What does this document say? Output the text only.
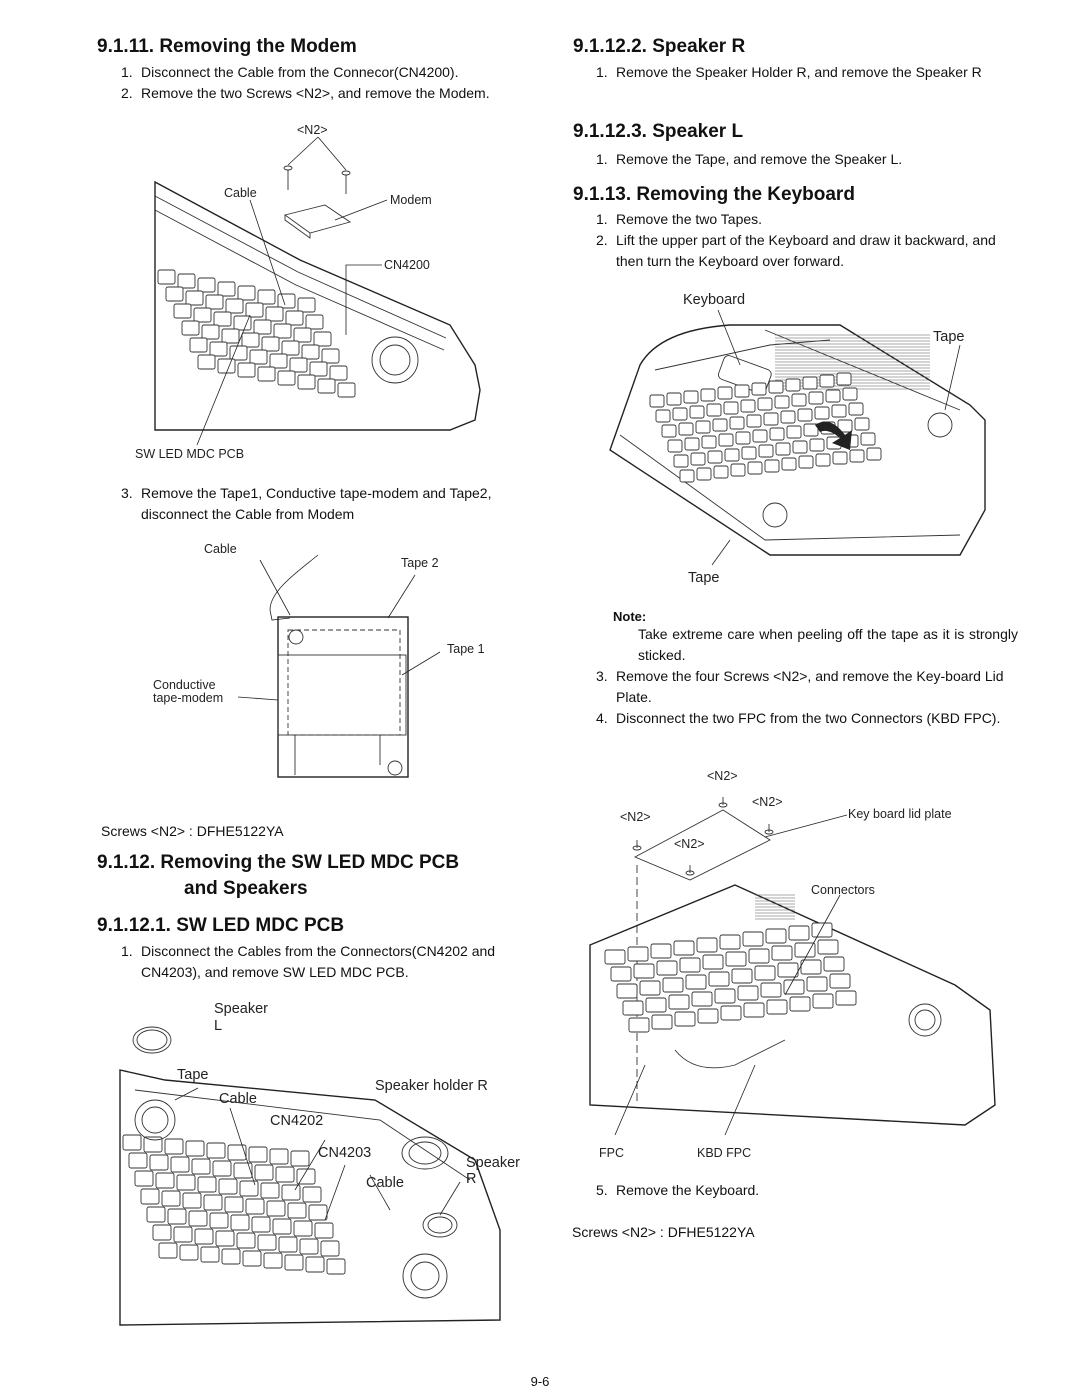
9.1.11. Removing the Modem
1. Disconnect the Cable from the Connecor(CN4200).
2. Remove the two Screws <N2>, and remove the Modem.
<N2>
Cable	Modem
CN4200
SW LED MDC PCB
3. Remove the Tape1, Conductive tape-modem and Tape2, disconnect the Cable from Modem
Cable
Tape 2
Tape 1
Conductive
tape-modem
Screws <N2> : DFHE5122YA
9.1.12. Removing the SW LED MDC PCB
and Speakers
9.1.12.1. SW LED MDC PCB
1. Disconnect the Cables from the Connectors(CN4202 and CN4203), and remove SW LED MDC PCB.
Speaker
L
Tape
Cable
Speaker holder R
CN4202
CN4203
Cable
Speaker
R
9.1.12.2. Speaker R
1. Remove the Speaker Holder R, and remove the Speaker R
9.1.12.3. Speaker L
1. Remove the Tape, and remove the Speaker L.
9.1.13. Removing the Keyboard
1. Remove the two Tapes.
2. Lift the upper part of the Keyboard and draw it backward, and then turn the Keyboard over forward.
Keyboard
Tape
Tape
Note:
Take extreme care when peeling off the tape as it is strongly sticked.
3. Remove the four Screws <N2>, and remove the Key-board Lid Plate.
4. Disconnect the two FPC from the two Connectors (KBD FPC).
<N2>
<N2>
<N2>
<N2>
Key board lid plate
Connectors
FPC	KBD FPC
5. Remove the Keyboard.
Screws <N2> : DFHE5122YA
9-6
